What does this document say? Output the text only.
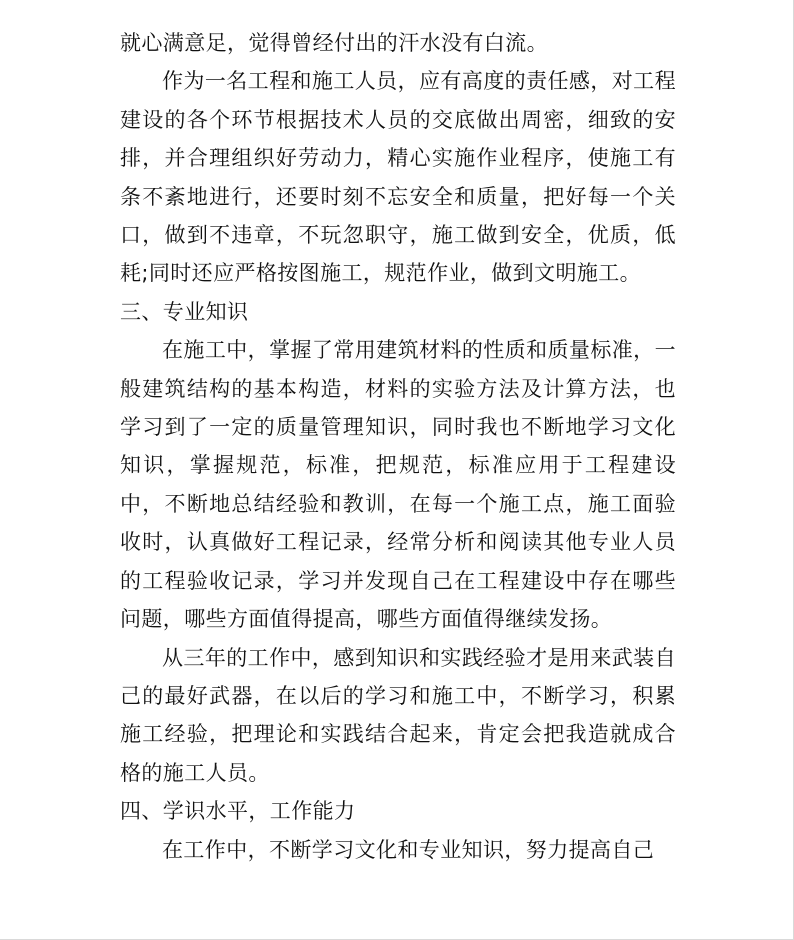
就心满意足，觉得曾经付出的汗水没有白流。

作为一名工程和施工人员，应有高度的责任感，对工程建设的各个环节根据技术人员的交底做出周密，细致的安排，并合理组织好劳动力，精心实施作业程序，使施工有条不紊地进行，还要时刻不忘安全和质量，把好每一个关口，做到不违章，不玩忽职守，施工做到安全，优质，低耗;同时还应严格按图施工，规范作业，做到文明施工。

三、专业知识

在施工中，掌握了常用建筑材料的性质和质量标准，一般建筑结构的基本构造，材料的实验方法及计算方法，也学习到了一定的质量管理知识，同时我也不断地学习文化知识，掌握规范，标准，把规范，标准应用于工程建设中，不断地总结经验和教训，在每一个施工点，施工面验收时，认真做好工程记录，经常分析和阅读其他专业人员的工程验收记录，学习并发现自己在工程建设中存在哪些问题，哪些方面值得提高，哪些方面值得继续发扬。

从三年的工作中，感到知识和实践经验才是用来武装自己的最好武器，在以后的学习和施工中，不断学习，积累施工经验，把理论和实践结合起来，肯定会把我造就成合格的施工人员。

四、学识水平，工作能力

在工作中，不断学习文化和专业知识，努力提高自己
